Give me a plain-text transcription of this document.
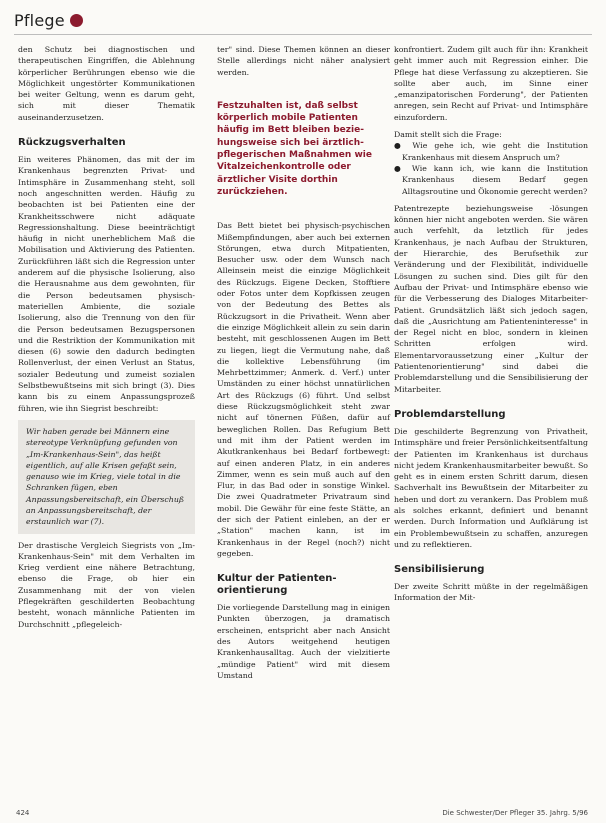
Pflege

den Schutz bei diagnostischen und therapeutischen Eingriffen, die Ablehnung körperlicher Berührungen ebenso wie die Möglichkeit ungestörter Kommunikationen bei weiter Geltung, wenn es darum geht, sich mit dieser Thematik auseinanderzusetzen.

Rückzugsverhalten

Ein weiteres Phänomen, das mit der im Krankenhaus begrenzten Privat- und Intimsphäre in Zusammenhang steht, soll noch angeschnitten werden. Häufig zu beobachten ist bei Patienten eine der Krankheitsschwere nicht adäquate Regressionshaltung. Diese beeinträchtigt häufig in nicht unerheblichem Maß die Mobilisation und Aktivierung des Patienten. Zurückführen läßt sich die Regression unter anderem auf die physische Isolierung, also die Herausnahme aus dem gewohnten, für die Person bedeutsamen physisch-materiellen Ambiente, die soziale Isolierung, also die Trennung von den für die Person bedeutsamen Bezugspersonen und die Restriktion der Kommunikation mit diesen (6) sowie den dadurch bedingten Rollenverlust, der einen Verlust an Status, sozialer Bedeutung und zumeist sozialen Selbstbewußtseins mit sich bringt (3). Dies kann bis zu einem Anpassungsprozeß führen, wie ihn Siegrist beschreibt:

Wir haben gerade bei Männern eine stereotype Verknüpfung gefunden von „Im-Krankenhaus-Sein", das heißt eigentlich, auf alle Krisen gefaßt sein, genauso wie im Krieg, viele total in die Schranken fügen, eben Anpassungsbereitschaft, ein Überschuß an Anpassungsbereitschaft, der erstaunlich war (7).

Der drastische Vergleich Siegrists von „Im-Krankenhaus-Sein" mit dem Verhalten im Krieg verdient eine nähere Betrachtung, ebenso die Frage, ob hier ein Zusammenhang mit der von vielen Pflegekräften geschilderten Beobachtung besteht, wonach männliche Patienten im Durchschnitt „pflegeleich-

ter" sind. Diese Themen können an dieser Stelle allerdings nicht näher analysiert werden.

Festzuhalten ist, daß selbst körperlich mobile Patienten häufig im Bett bleiben beziehungsweise sich bei ärztlichpflegerischen Maßnahmen wie Vitalzeichenkontrolle oder ärztlicher Visite dorthin zurückziehen.

Das Bett bietet bei physisch-psychischen Mißempfindungen, aber auch bei externen Störungen, etwa durch Mitpatienten, Besucher usw. oder dem Wunsch nach Alleinsein meist die einzige Möglichkeit des Rückzugs. Eigene Decken, Stofftiere oder Fotos unter dem Kopfkissen zeugen von der Bedeutung des Bettes als Rückzugsort in die Privatheit. Wenn aber die einzige Möglichkeit allein zu sein darin besteht, mit geschlossenen Augen im Bett zu liegen, liegt die Vermutung nahe, daß die kollektive Lebensführung (im Mehrbettzimmer; Anmerk. d. Verf.) unter Umständen zu einer höchst unnatürlichen Art des Rückzugs (6) führt. Und selbst diese Rückzugsmöglichkeit steht zwar nicht auf tönernen Füßen, dafür auf beweglichen Rollen. Das Refugium Bett und mit ihm der Patient werden im Akutkrankenhaus bei Bedarf fortbewegt: auf einen anderen Platz, in ein anderes Zimmer, wenn es sein muß auch auf den Flur, in das Bad oder in sonstige Winkel. Die zwei Quadratmeter Privatraum sind mobil. Die Gewähr für eine feste Stätte, an der sich der Patient einleben, an der er „Station" machen kann, ist im Krankenhaus in der Regel (noch?) nicht gegeben.

Kultur der Patientenorientierung

Die vorliegende Darstellung mag in einigen Punkten überzogen, ja dramatisch erscheinen, entspricht aber nach Ansicht des Autors weitgehend heutigen Krankenhausalltag. Auch der vielzitierte „mündige Patient" wird mit diesem Umstand

konfrontiert. Zudem gilt auch für ihn: Krankheit geht immer auch mit Regression einher. Die Pflege hat diese Verfassung zu akzeptieren. Sie sollte aber auch, im Sinne einer „emanzipatorischen Forderung", der Patienten anregen, sein Recht auf Privat- und Intimsphäre einzufordern.

Damit stellt sich die Frage:

● Wie gehe ich, wie geht die Institution Krankenhaus mit diesem Anspruch um?

● Wie kann ich, wie kann die Institution Krankenhaus diesem Bedarf gegen Alltagsroutine und Ökonomie gerecht werden?

Patentrezepte beziehungsweise -lösungen können hier nicht angeboten werden. Sie wären auch verfehlt, da letztlich für jedes Krankenhaus, je nach Aufbau der Strukturen, der Hierarchie, des Berufsethik zur Veränderung und der Flexibilität, individuelle Lösungen zu suchen sind. Dies gilt für den Aufbau der Privat- und Intimsphäre ebenso wie für die Verbesserung des Dialoges Mitarbeiter-Patient. Grundsätzlich läßt sich jedoch sagen, daß die „Ausrichtung am Patienteninteresse" in der Regel nicht en bloc, sondern in kleinen Schritten erfolgen wird. Elementarvoraussetzung einer „Kultur der Patientenorientierung" sind dabei die Problemdarstellung und die Sensibilisierung der Mitarbeiter.

Problemdarstellung

Die geschilderte Begrenzung von Privatheit, Intimsphäre und freier Persönlichkeitsentfaltung der Patienten im Krankenhaus ist durchaus nicht jedem Krankenhausmitarbeiter bewußt. So geht es in einem ersten Schritt darum, diesen Sachverhalt ins Bewußtsein der Mitarbeiter zu heben und dort zu verankern. Das Problem muß als solches erkannt, definiert und benannt werden. Durch Information und Aufklärung ist ein Problembewußtsein zu schaffen, anzuregen und zu reflektieren.

Sensibilisierung

Der zweite Schritt müßte in der regelmäßigen Information der Mit-

424	Die Schwester/Der Pfleger 35. Jahrg. 5/96
